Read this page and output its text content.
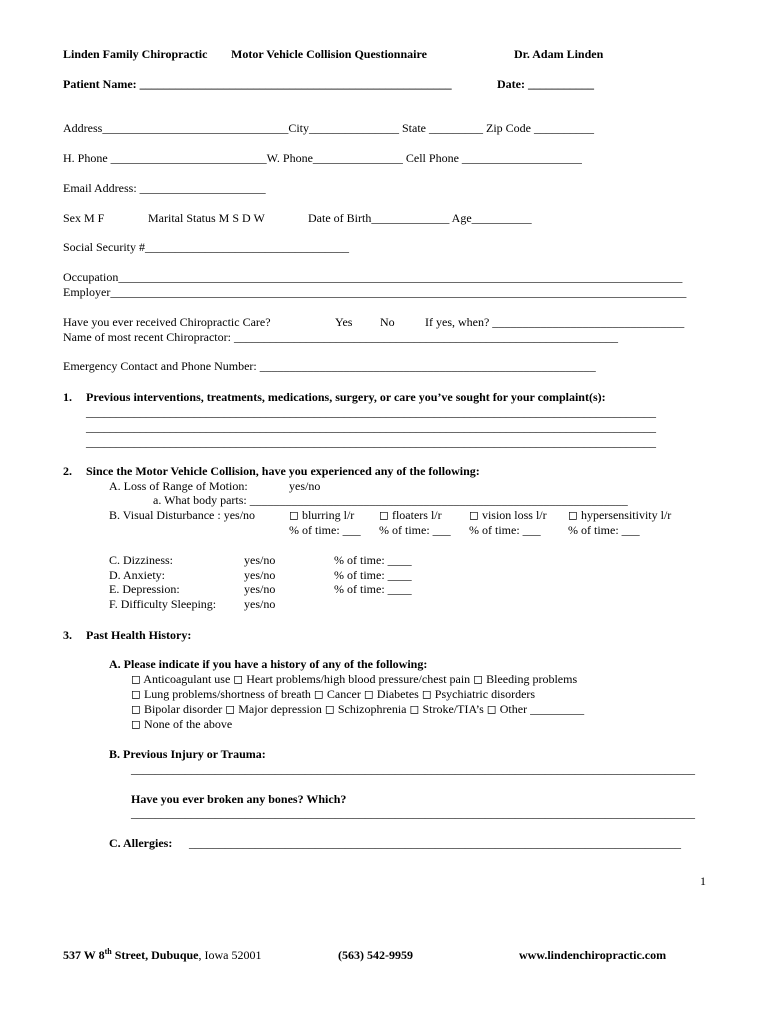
Linden Family Chiropractic Motor Vehicle Collision Questionnaire	Dr. Adam Linden
Patient Name: ____________________________________________________	Date: ___________
Address_______________________________City_______________ State _________ Zip Code __________
H. Phone __________________________W. Phone_______________ Cell Phone ____________________
Email Address: _____________________
Sex M F	Marital Status M S D W	Date of Birth_____________ Age__________
Social Security #__________________________________
Occupation______________________________________________________________________________________________
Employer________________________________________________________________________________________________
Have you ever received Chiropractic Care?	Yes No	If yes, when? ________________________________
Name of most recent Chiropractor: ________________________________________________________________
Emergency Contact and Phone Number: ________________________________________________________
1. Previous interventions, treatments, medications, surgery, or care you’ve sought for your complaint(s):
_______________________________________________________________________________________________
_______________________________________________________________________________________________
_______________________________________________________________________________________________
2. Since the Motor Vehicle Collision, have you experienced any of the following:
A. Loss of Range of Motion:	yes/no
a. What body parts: _______________________________________________________________
B. Visual Disturbance : yes/no	◻ blurring l/r ◻ floaters l/r ◻ vision loss l/r ◻ hypersensitivity l/r
% of time: ___ % of time: ___ % of time: ___ % of time: ___
C. Dizziness:	yes/no	% of time: ____
D. Anxiety:	yes/no	% of time: ____
E. Depression:	yes/no	% of time: ____
F. Difficulty Sleeping: yes/no
3. Past Health History:
A. Please indicate if you have a history of any of the following:
◻ Anticoagulant use ◻ Heart problems/high blood pressure/chest pain ◻ Bleeding problems
◻ Lung problems/shortness of breath ◻ Cancer ◻ Diabetes ◻ Psychiatric disorders
◻ Bipolar disorder ◻ Major depression ◻ Schizophrenia ◻ Stroke/TIA’s ◻ Other _________
◻ None of the above
B. Previous Injury or Trauma:
______________________________________________________________________________________________
Have you ever broken any bones? Which?
______________________________________________________________________________________________
C. Allergies: __________________________________________________________________________________
1
537 W 8th Street, Dubuque, Iowa 52001	(563) 542-9959	www.lindenchiropractic.com
